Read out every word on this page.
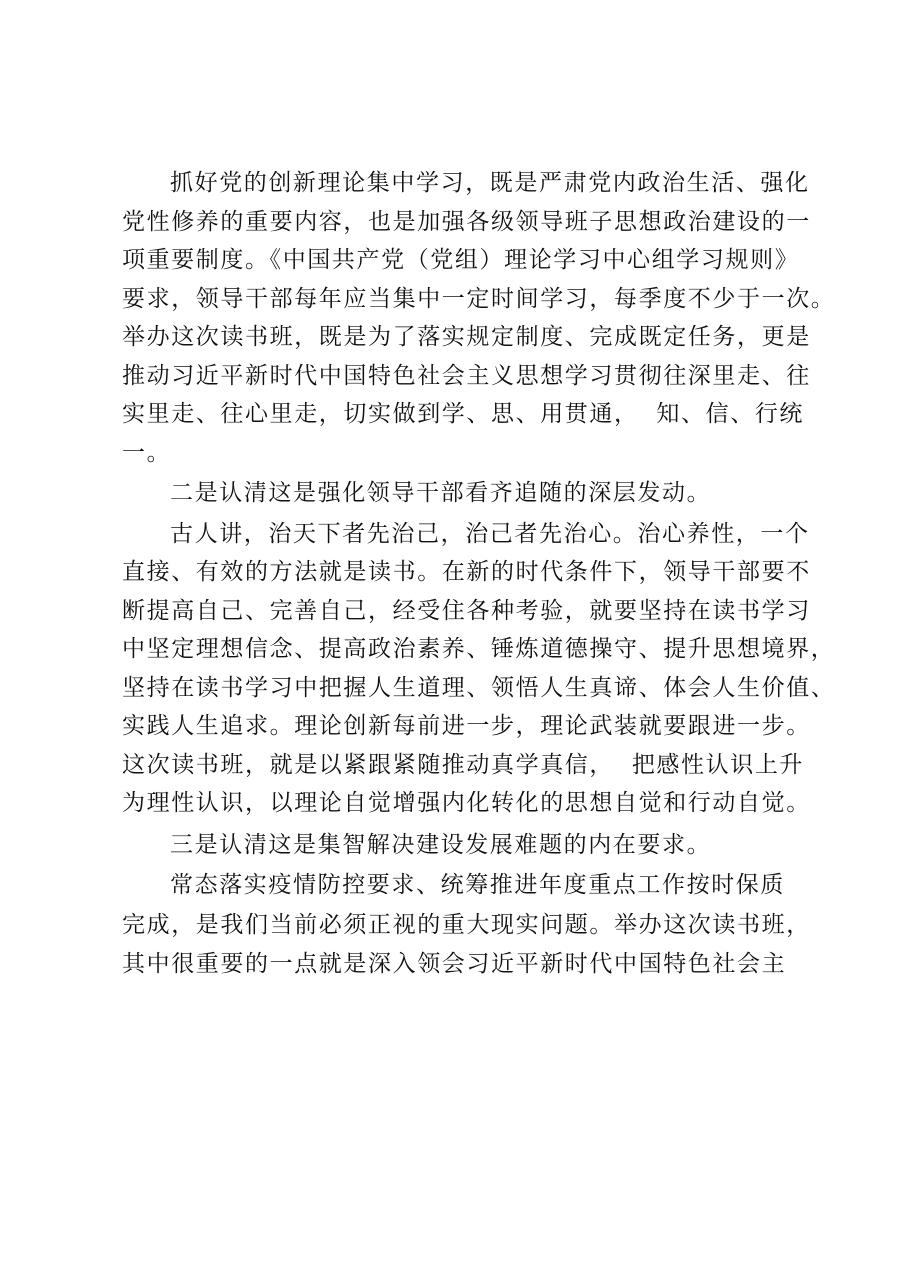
抓好党的创新理论集中学习，既是严肃党内政治生活、强化
党性修养的重要内容，也是加强各级领导班子思想政治建设的一
项重要制度。《中国共产党（党组）理论学习中心组学习规则》
要求，领导干部每年应当集中一定时间学习，每季度不少于一次。
举办这次读书班，既是为了落实规定制度、完成既定任务，更是
推动习近平新时代中国特色社会主义思想学习贯彻往深里走、往
实里走、往心里走，切实做到学、思、用贯通，  知、信、行统
一。
二是认清这是强化领导干部看齐追随的深层发动。
古人讲，治天下者先治己，治己者先治心。治心养性，一个
直接、有效的方法就是读书。在新的时代条件下，领导干部要不
断提高自己、完善自己，经受住各种考验，就要坚持在读书学习
中坚定理想信念、提高政治素养、锤炼道德操守、提升思想境界，
坚持在读书学习中把握人生道理、领悟人生真谛、体会人生价值、
实践人生追求。理论创新每前进一步，理论武装就要跟进一步。
这次读书班，就是以紧跟紧随推动真学真信，  把感性认识上升
为理性认识，以理论自觉增强内化转化的思想自觉和行动自觉。
三是认清这是集智解决建设发展难题的内在要求。
常态落实疫情防控要求、统筹推进年度重点工作按时保质
完成，是我们当前必须正视的重大现实问题。举办这次读书班，
其中很重要的一点就是深入领会习近平新时代中国特色社会主
